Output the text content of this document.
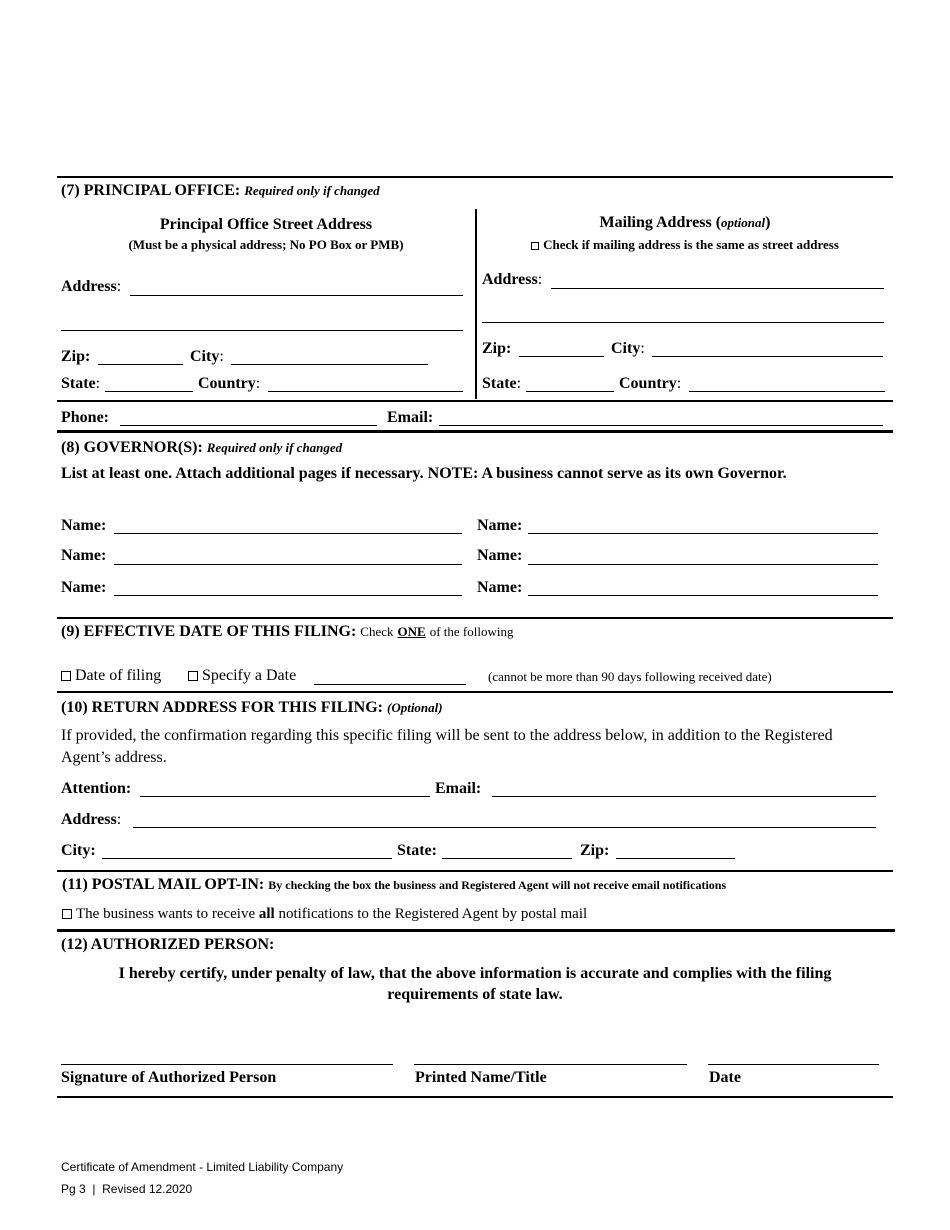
(7) PRINCIPAL OFFICE: Required only if changed
Principal Office Street Address
(Must be a physical address; No PO Box or PMB)
Address:
Zip:	City:
State:	Country:
Mailing Address (optional)
Check if mailing address is the same as street address
Address:
Zip:	City:
State:	Country:
Phone:	Email:
(8) GOVERNOR(S): Required only if changed
List at least one. Attach additional pages if necessary. NOTE: A business cannot serve as its own Governor.
Name:	Name:
Name:	Name:
Name:	Name:
(9) EFFECTIVE DATE OF THIS FILING: Check ONE of the following
Date of filing	Specify a Date	(cannot be more than 90 days following received date)
(10) RETURN ADDRESS FOR THIS FILING: (Optional)
If provided, the confirmation regarding this specific filing will be sent to the address below, in addition to the Registered
Agent’s address.
Attention:	Email:
Address:
City:	State:	Zip:
(11) POSTAL MAIL OPT-IN: By checking the box the business and Registered Agent will not receive email notifications
The business wants to receive all notifications to the Registered Agent by postal mail
(12) AUTHORIZED PERSON:
I hereby certify, under penalty of law, that the above information is accurate and complies with the filing
requirements of state law.
Signature of Authorized Person	Printed Name/Title	Date
Certificate of Amendment - Limited Liability Company
Pg 3  |  Revised 12.2020
